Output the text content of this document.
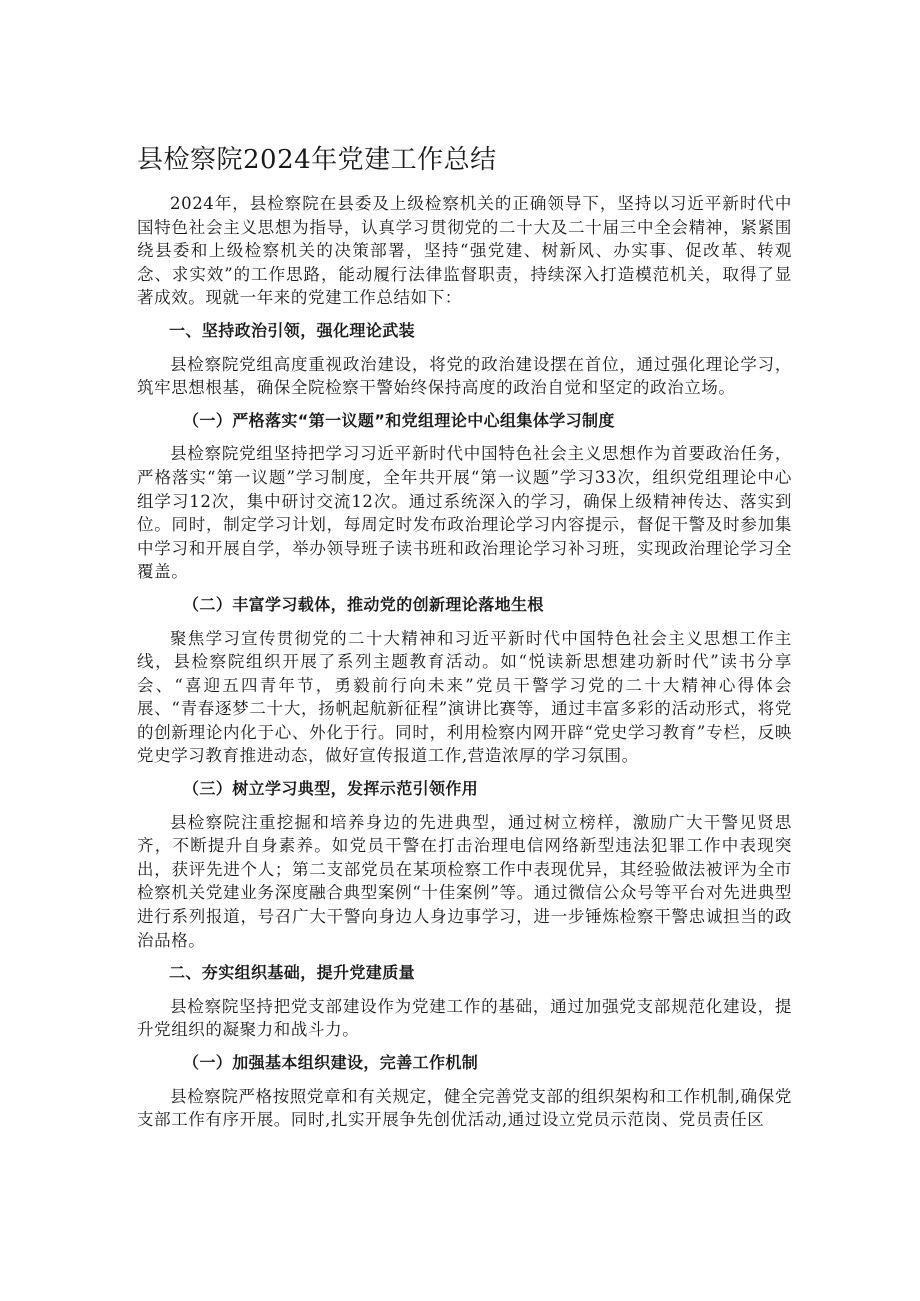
县检察院2024年党建工作总结

2024年，县检察院在县委及上级检察机关的正确领导下，坚持以习近平新时代中国特色社会主义思想为指导，认真学习贯彻党的二十大及二十届三中全会精神，紧紧围绕县委和上级检察机关的决策部署，坚持“强党建、树新风、办实事、促改革、转观念、求实效”的工作思路，能动履行法律监督职责，持续深入打造模范机关，取得了显著成效。现就一年来的党建工作总结如下：

一、坚持政治引领，强化理论武装

县检察院党组高度重视政治建设，将党的政治建设摆在首位，通过强化理论学习，筑牢思想根基，确保全院检察干警始终保持高度的政治自觉和坚定的政治立场。

（一）严格落实“第一议题”和党组理论中心组集体学习制度

县检察院党组坚持把学习习近平新时代中国特色社会主义思想作为首要政治任务，严格落实“第一议题”学习制度，全年共开展“第一议题”学习33次，组织党组理论中心组学习12次，集中研讨交流12次。通过系统深入的学习，确保上级精神传达、落实到位。同时，制定学习计划，每周定时发布政治理论学习内容提示，督促干警及时参加集中学习和开展自学，举办领导班子读书班和政治理论学习补习班，实现政治理论学习全覆盖。

（二）丰富学习载体，推动党的创新理论落地生根

聚焦学习宣传贯彻党的二十大精神和习近平新时代中国特色社会主义思想工作主线，县检察院组织开展了系列主题教育活动。如“悦读新思想建功新时代”读书分享会、“喜迎五四青年节，勇毅前行向未来”党员干警学习党的二十大精神心得体会展、“青春逐梦二十大，扬帆起航新征程”演讲比赛等，通过丰富多彩的活动形式，将党的创新理论内化于心、外化于行。同时，利用检察内网开辟“党史学习教育”专栏，反映党史学习教育推进动态，做好宣传报道工作,营造浓厚的学习氛围。

（三）树立学习典型，发挥示范引领作用

县检察院注重挖掘和培养身边的先进典型，通过树立榜样，激励广大干警见贤思齐，不断提升自身素养。如党员干警在打击治理电信网络新型违法犯罪工作中表现突出，获评先进个人；第二支部党员在某项检察工作中表现优异，其经验做法被评为全市检察机关党建业务深度融合典型案例“十佳案例”等。通过微信公众号等平台对先进典型进行系列报道，号召广大干警向身边人身边事学习，进一步锤炼检察干警忠诚担当的政治品格。

二、夯实组织基础，提升党建质量

县检察院坚持把党支部建设作为党建工作的基础，通过加强党支部规范化建设，提升党组织的凝聚力和战斗力。

（一）加强基本组织建设，完善工作机制

县检察院严格按照党章和有关规定，健全完善党支部的组织架构和工作机制,确保党支部工作有序开展。同时,扎实开展争先创优活动,通过设立党员示范岗、党员责任区
